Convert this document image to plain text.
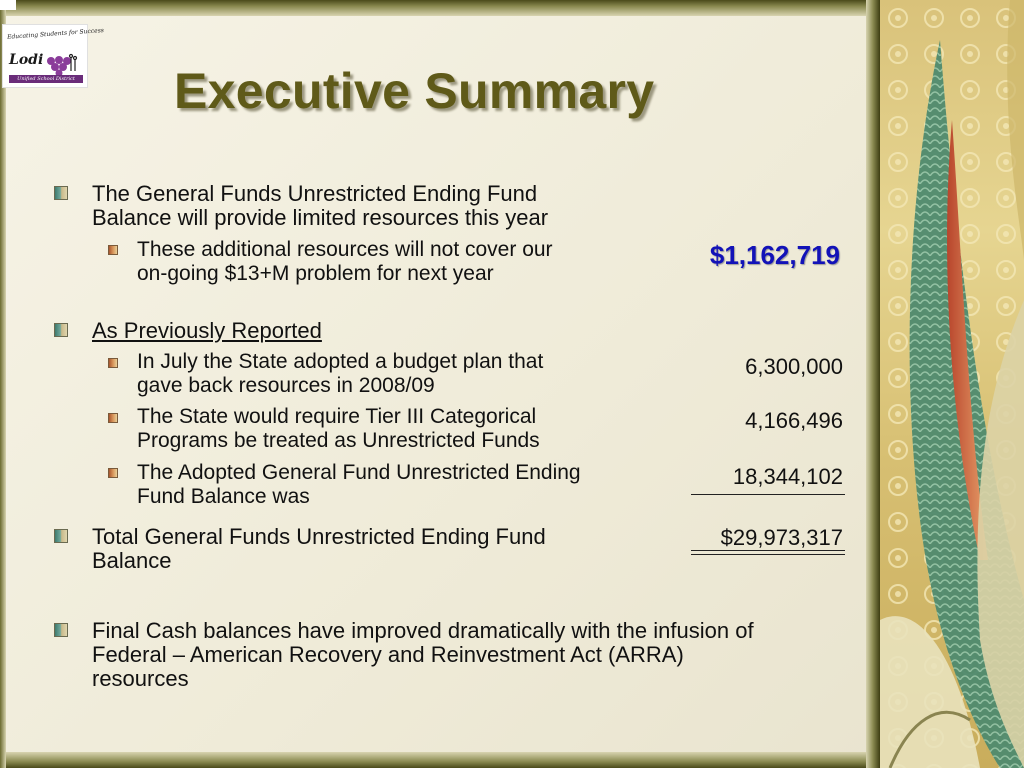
Educating Students for Success
Lodi
Unified School District Executive Summary
The General Funds Unrestricted Ending Fund
Balance will provide limited resources this year
These additional resources will not cover our
on-going $13+M problem for next year
$1,162,719
As Previously Reported
In July the State adopted a budget plan that
gave back resources in 2008/09
6,300,000
The State would require Tier III Categorical
Programs be treated as Unrestricted Funds
4,166,496
The Adopted General Fund Unrestricted Ending
Fund Balance was
18,344,102
Total General Funds Unrestricted Ending Fund
Balance
$29,973,317
Final Cash balances have improved dramatically with the infusion of
Federal – American Recovery and Reinvestment Act (ARRA)
resources
